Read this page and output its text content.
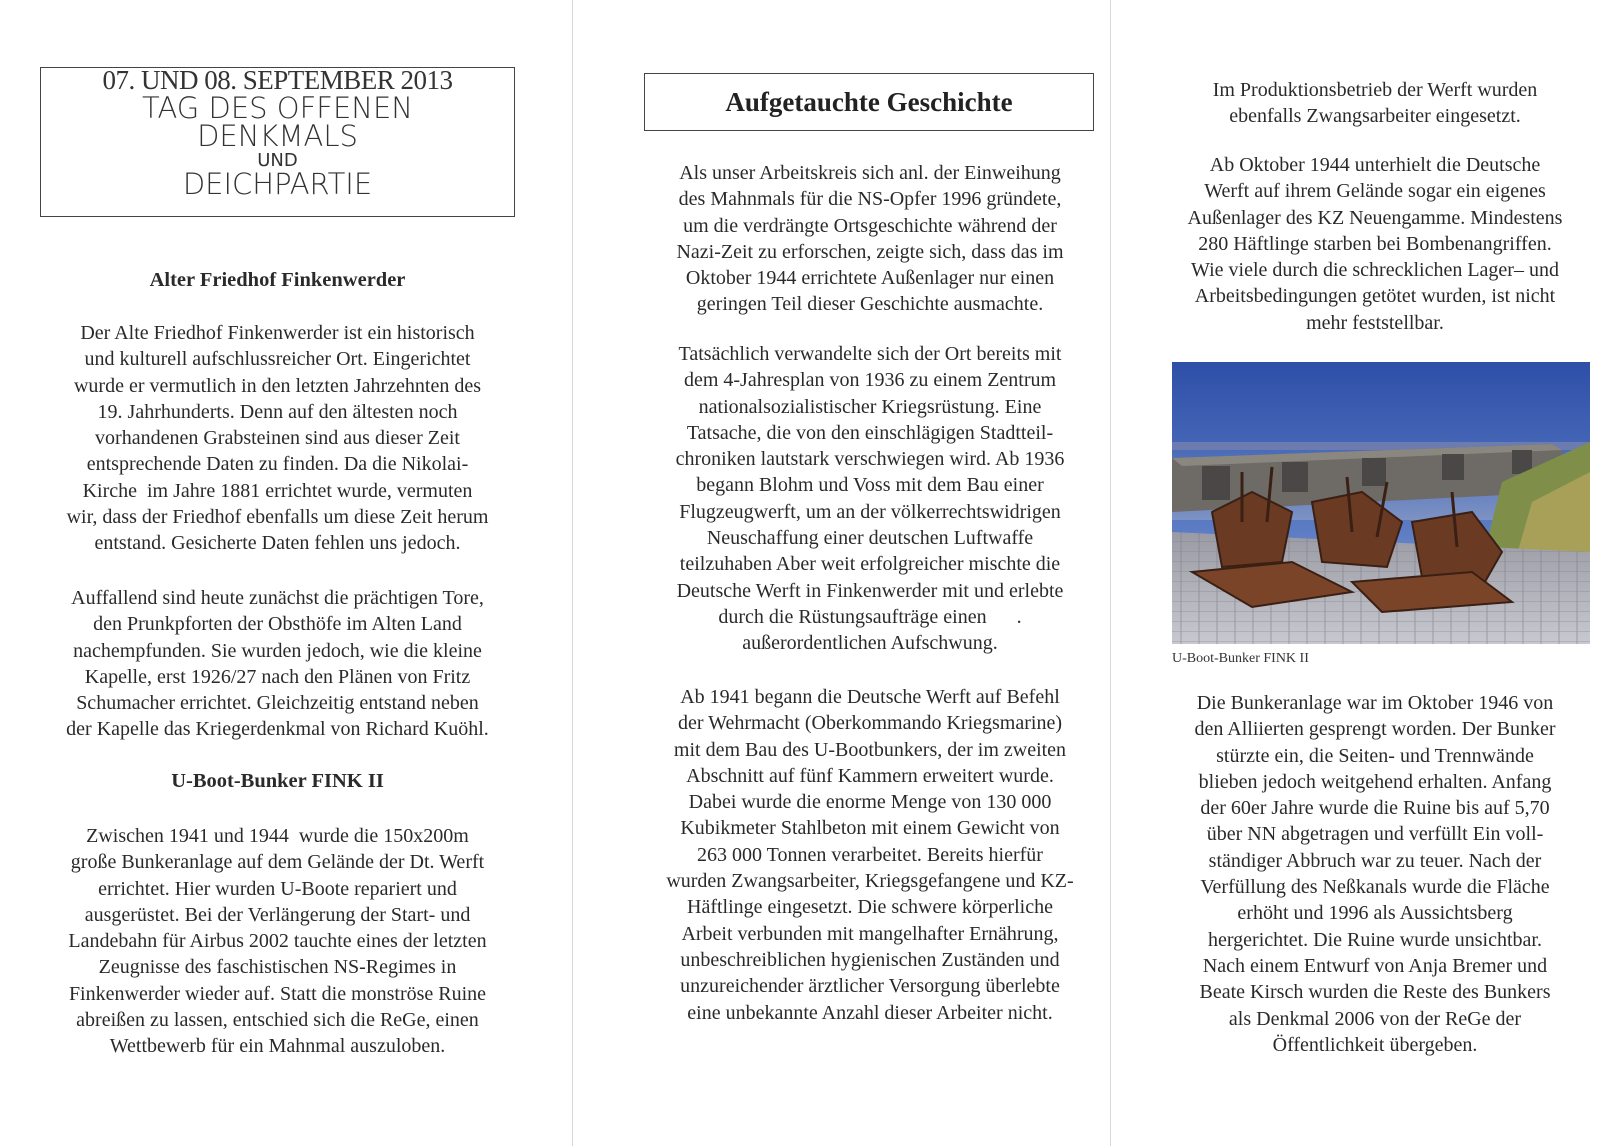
07. UND 08. SEPTEMBER 2013
TAG DES OFFENEN
DENKMALS
UND
DEICHPARTIE
Alter Friedhof Finkenwerder
Der Alte Friedhof Finkenwerder ist ein historisch
und kulturell aufschlussreicher Ort. Eingerichtet
wurde er vermutlich in den letzten Jahrzehnten des
19. Jahrhunderts. Denn auf den ältesten noch
vorhandenen Grabsteinen sind aus dieser Zeit
entsprechende Daten zu finden. Da die Nikolai-
Kirche  im Jahre 1881 errichtet wurde, vermuten
wir, dass der Friedhof ebenfalls um diese Zeit herum
entstand. Gesicherte Daten fehlen uns jedoch.
Auffallend sind heute zunächst die prächtigen Tore,
den Prunkpforten der Obsthöfe im Alten Land
nachempfunden. Sie wurden jedoch, wie die kleine
Kapelle, erst 1926/27 nach den Plänen von Fritz
Schumacher errichtet. Gleichzeitig entstand neben
der Kapelle das Kriegerdenkmal von Richard Kuöhl.
U-Boot-Bunker FINK II
Zwischen 1941 und 1944  wurde die 150x200m
große Bunkeranlage auf dem Gelände der Dt. Werft
errichtet. Hier wurden U-Boote repariert und
ausgerüstet. Bei der Verlängerung der Start- und
Landebahn für Airbus 2002 tauchte eines der letzten
Zeugnisse des faschistischen NS-Regimes in
Finkenwerder wieder auf. Statt die monströse Ruine
abreißen zu lassen, entschied sich die ReGe, einen
Wettbewerb für ein Mahnmal auszuloben.
Aufgetauchte Geschichte
Als unser Arbeitskreis sich anl. der Einweihung
des Mahnmals für die NS-Opfer 1996 gründete,
um die verdrängte Ortsgeschichte während der
Nazi-Zeit zu erforschen, zeigte sich, dass das im
Oktober 1944 errichtete Außenlager nur einen
geringen Teil dieser Geschichte ausmachte.
Tatsächlich verwandelte sich der Ort bereits mit
dem 4-Jahresplan von 1936 zu einem Zentrum
nationalsozialistischer Kriegsrüstung. Eine
Tatsache, die von den einschlägigen Stadtteil-
chroniken lautstark verschwiegen wird. Ab 1936
begann Blohm und Voss mit dem Bau einer
Flugzeugwerft, um an der völkerrechtswidrigen
Neuschaffung einer deutschen Luftwaffe
teilzuhaben Aber weit erfolgreicher mischte die
Deutsche Werft in Finkenwerder mit und erlebte
durch die Rüstungsaufträge einen      .
außerordentlichen Aufschwung.
Ab 1941 begann die Deutsche Werft auf Befehl
der Wehrmacht (Oberkommando Kriegsmarine)
mit dem Bau des U-Bootbunkers, der im zweiten
Abschnitt auf fünf Kammern erweitert wurde.
Dabei wurde die enorme Menge von 130 000
Kubikmeter Stahlbeton mit einem Gewicht von
263 000 Tonnen verarbeitet. Bereits hierfür
wurden Zwangsarbeiter, Kriegsgefangene und KZ-
Häftlinge eingesetzt. Die schwere körperliche
Arbeit verbunden mit mangelhafter Ernährung,
unbeschreiblichen hygienischen Zuständen und
unzureichender ärztlicher Versorgung überlebte
eine unbekannte Anzahl dieser Arbeiter nicht.
Im Produktionsbetrieb der Werft wurden
ebenfalls Zwangsarbeiter eingesetzt.
Ab Oktober 1944 unterhielt die Deutsche
Werft auf ihrem Gelände sogar ein eigenes
Außenlager des KZ Neuengamme. Mindestens
280 Häftlinge starben bei Bombenangriffen.
Wie viele durch die schrecklichen Lager– und
Arbeitsbedingungen getötet wurden, ist nicht
mehr feststellbar.
Die Bunkeranlage war im Oktober 1946 von
den Alliierten gesprengt worden. Der Bunker
stürzte ein, die Seiten- und Trennwände
blieben jedoch weitgehend erhalten. Anfang
der 60er Jahre wurde die Ruine bis auf 5,70
über NN abgetragen und verfüllt Ein voll-
ständiger Abbruch war zu teuer. Nach der
Verfüllung des Neßkanals wurde die Fläche
erhöht und 1996 als Aussichtsberg
hergerichtet. Die Ruine wurde unsichtbar.
Nach einem Entwurf von Anja Bremer und
Beate Kirsch wurden die Reste des Bunkers
als Denkmal 2006 von der ReGe der
Öffentlichkeit übergeben.
U-Boot-Bunker FINK II
